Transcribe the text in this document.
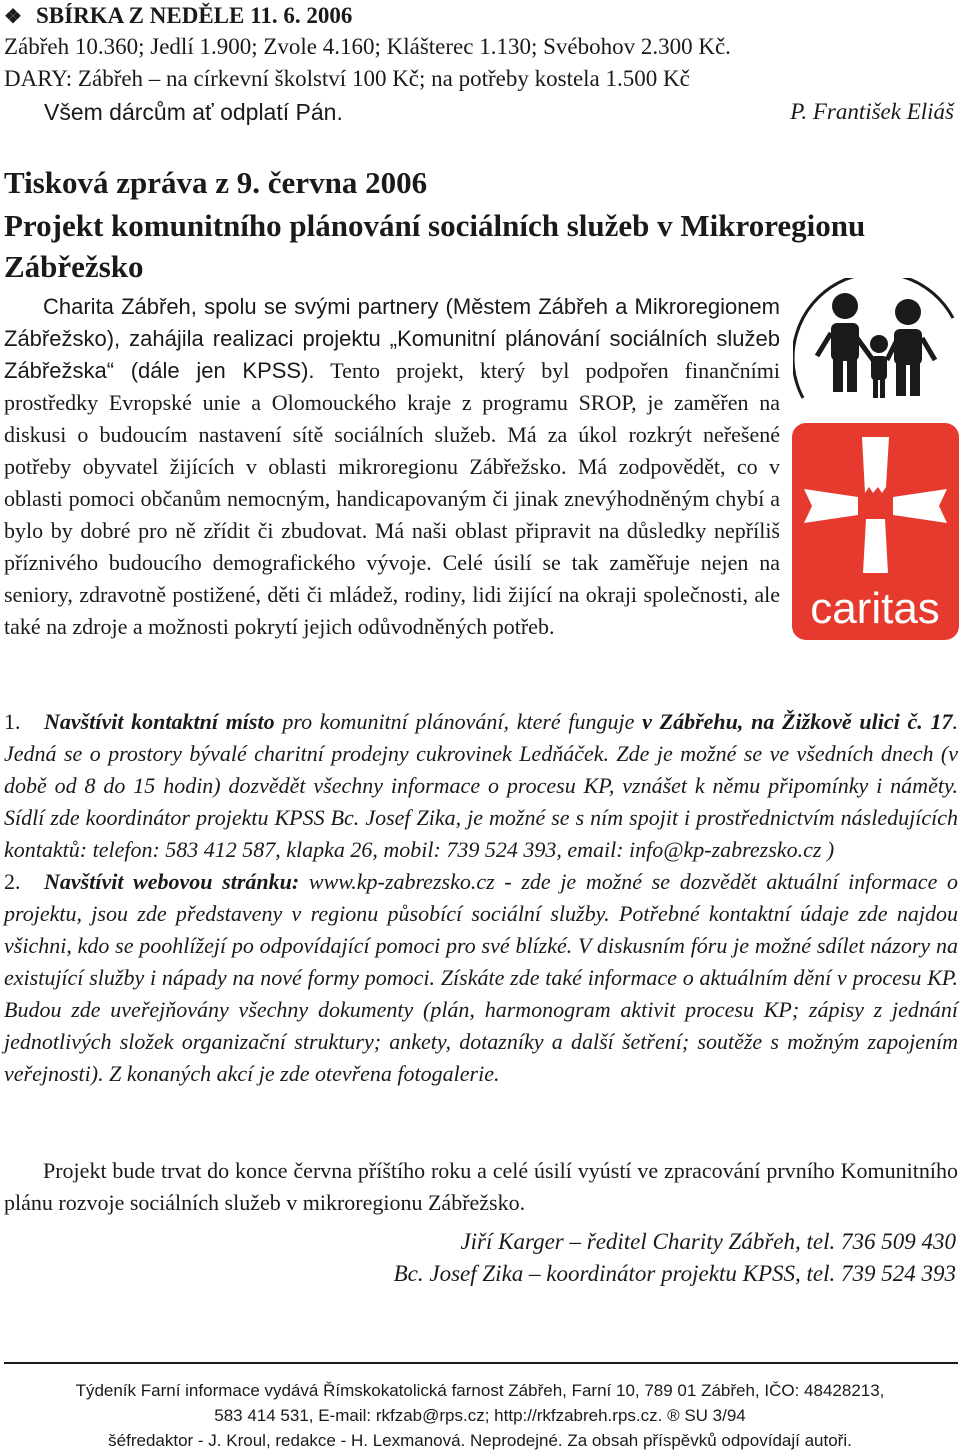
❖ SBÍRKA Z NEDĚLE 11. 6. 2006
Zábřeh 10.360; Jedlí 1.900; Zvole 4.160; Klášterec 1.130; Svébohov 2.300 Kč.
DARY: Zábřeh – na církevní školství 100 Kč; na potřeby kostela 1.500 Kč
Všem dárcům ať odplatí Pán.	P. František Eliáš
Tisková zpráva z 9. června 2006
Projekt komunitního plánování sociálních služeb v Mikroregionu Zábřežsko
Charita Zábřeh, spolu se svými partnery (Městem Zábřeh a Mikroregionem Zábřežsko), zahájila realizaci projektu „Komunitní plánování sociálních služeb Zábřežska“ (dále jen KPSS). Tento projekt, který byl podpořen finančními prostředky Evropské unie a Olomouckého kraje z programu SROP, je zaměřen na diskusi o budoucím nastavení sítě sociálních služeb. Má za úkol rozkrýt neřešené potřeby obyvatel žijících v oblasti mikroregionu Zábřežsko. Má zodpovědět, co v oblasti pomoci občanům nemocným, handicapovaným či jinak znevýhodněným chybí a bylo by dobré pro ně zřídit či zbudovat. Má naši oblast připravit na důsledky nepříliš příznivého budoucího demografického vývoje. Celé úsilí se tak zaměřuje nejen na seniory, zdravotně postižené, děti či mládež, rodiny, lidi žijící na okraji společnosti, ale také na zdroje a možnosti pokrytí jejich odůvodněných potřeb.	caritas
1. Navštívit kontaktní místo pro komunitní plánování, které funguje v Zábřehu, na Žižkově ulici č. 17. Jedná se o prostory bývalé charitní prodejny cukrovinek Ledňáček. Zde je možné se ve všedních dnech (v době od 8 do 15 hodin) dozvědět všechny informace o procesu KP, vznášet k němu připomínky i náměty. Sídlí zde koordinátor projektu KPSS Bc. Josef Zika, je možné se s ním spojit i prostřednictvím následujících kontaktů: telefon: 583 412 587, klapka 26, mobil: 739 524 393, email: info@kp-zabrezsko.cz )
2. Navštívit webovou stránku: www.kp-zabrezsko.cz - zde je možné se dozvědět aktuální informace o projektu, jsou zde představeny v regionu působící sociální služby. Potřebné kontaktní údaje zde najdou všichni, kdo se poohlížejí po odpovídající pomoci pro své blízké. V diskusním fóru je možné sdílet názory na existující služby i nápady na nové formy pomoci. Získáte zde také informace o aktuálním dění v procesu KP. Budou zde uveřejňovány všechny dokumenty (plán, harmonogram aktivit procesu KP; zápisy z jednání jednotlivých složek organizační struktury; ankety, dotazníky a další šetření; soutěže s možným zapojením veřejnosti). Z konaných akcí je zde otevřena fotogalerie.
Projekt bude trvat do konce června příštího roku a celé úsilí vyústí ve zpracování prvního Komunitního plánu rozvoje sociálních služeb v mikroregionu Zábřežsko.
Jiří Karger – ředitel Charity Zábřeh, tel. 736 509 430
Bc. Josef Zika – koordinátor projektu KPSS, tel. 739 524 393
Týdeník Farní informace vydává Římskokatolická farnost Zábřeh, Farní 10, 789 01 Zábřeh, IČO: 48428213,
583 414 531, E-mail: rkfzab@rps.cz; http://rkfzabreh.rps.cz. ® SU 3/94
šéfredaktor - J. Kroul, redakce - H. Lexmanová. Neprodejné. Za obsah příspěvků odpovídají autoři.
